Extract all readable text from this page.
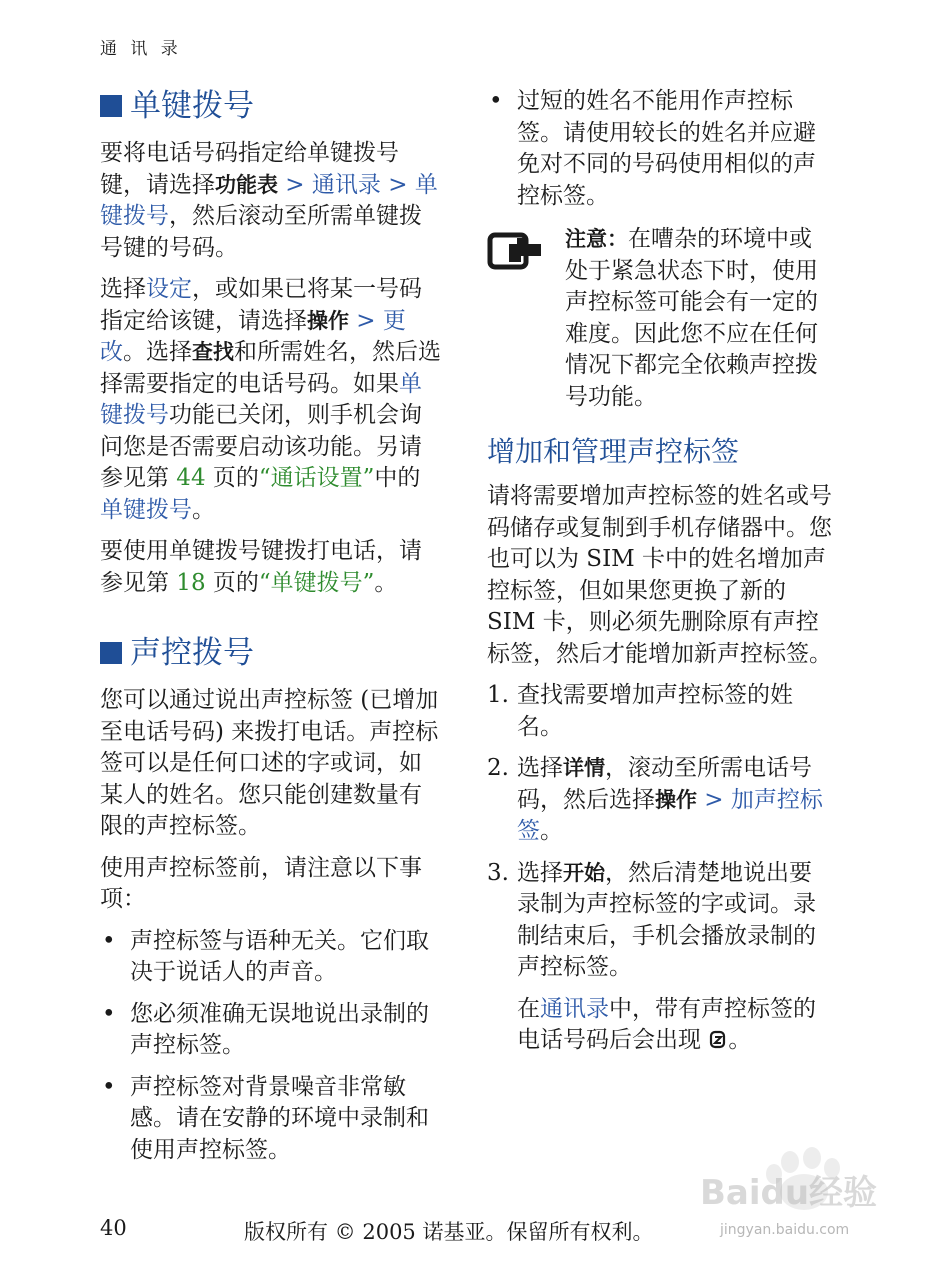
通 讯 录
单键拨号

要将电话号码指定给单键拨号键，请选择功能表 > 通讯录 > 单键拨号，然后滚动至所需单键拨号键的号码。

选择设定，或如果已将某一号码指定给该键，请选择操作 > 更改。选择查找和所需姓名，然后选择需要指定的电话号码。如果单键拨号功能已关闭，则手机会询问您是否需要启动该功能。另请参见第 44 页的“通话设置”中的单键拨号。

要使用单键拨号键拨打电话，请参见第 18 页的“单键拨号”。

声控拨号

您可以通过说出声控标签 (已增加至电话号码) 来拨打电话。声控标签可以是任何口述的字或词，如某人的姓名。您只能创建数量有限的声控标签。

使用声控标签前，请注意以下事项：

• 声控标签与语种无关。它们取决于说话人的声音。
• 您必须准确无误地说出录制的声控标签。
• 声控标签对背景噪音非常敏感。请在安静的环境中录制和使用声控标签。
• 过短的姓名不能用作声控标签。请使用较长的姓名并应避免对不同的号码使用相似的声控标签。

注意：在嘈杂的环境中或处于紧急状态下时，使用声控标签可能会有一定的难度。因此您不应在任何情况下都完全依赖声控拨号功能。

增加和管理声控标签

请将需要增加声控标签的姓名或号码储存或复制到手机存储器中。您也可以为 SIM 卡中的姓名增加声控标签，但如果您更换了新的 SIM 卡，则必须先删除原有声控标签，然后才能增加新声控标签。

1. 查找需要增加声控标签的姓名。
2. 选择详情，滚动至所需电话号码，然后选择操作 > 加声控标签。
3. 选择开始，然后清楚地说出要录制为声控标签的字或词。录制结束后，手机会播放录制的声控标签。

在通讯录中，带有声控标签的电话号码后会出现 。

Baidu经验
jingyan.baidu.com
40	版权所有 © 2005 诺基亚。保留所有权利。
